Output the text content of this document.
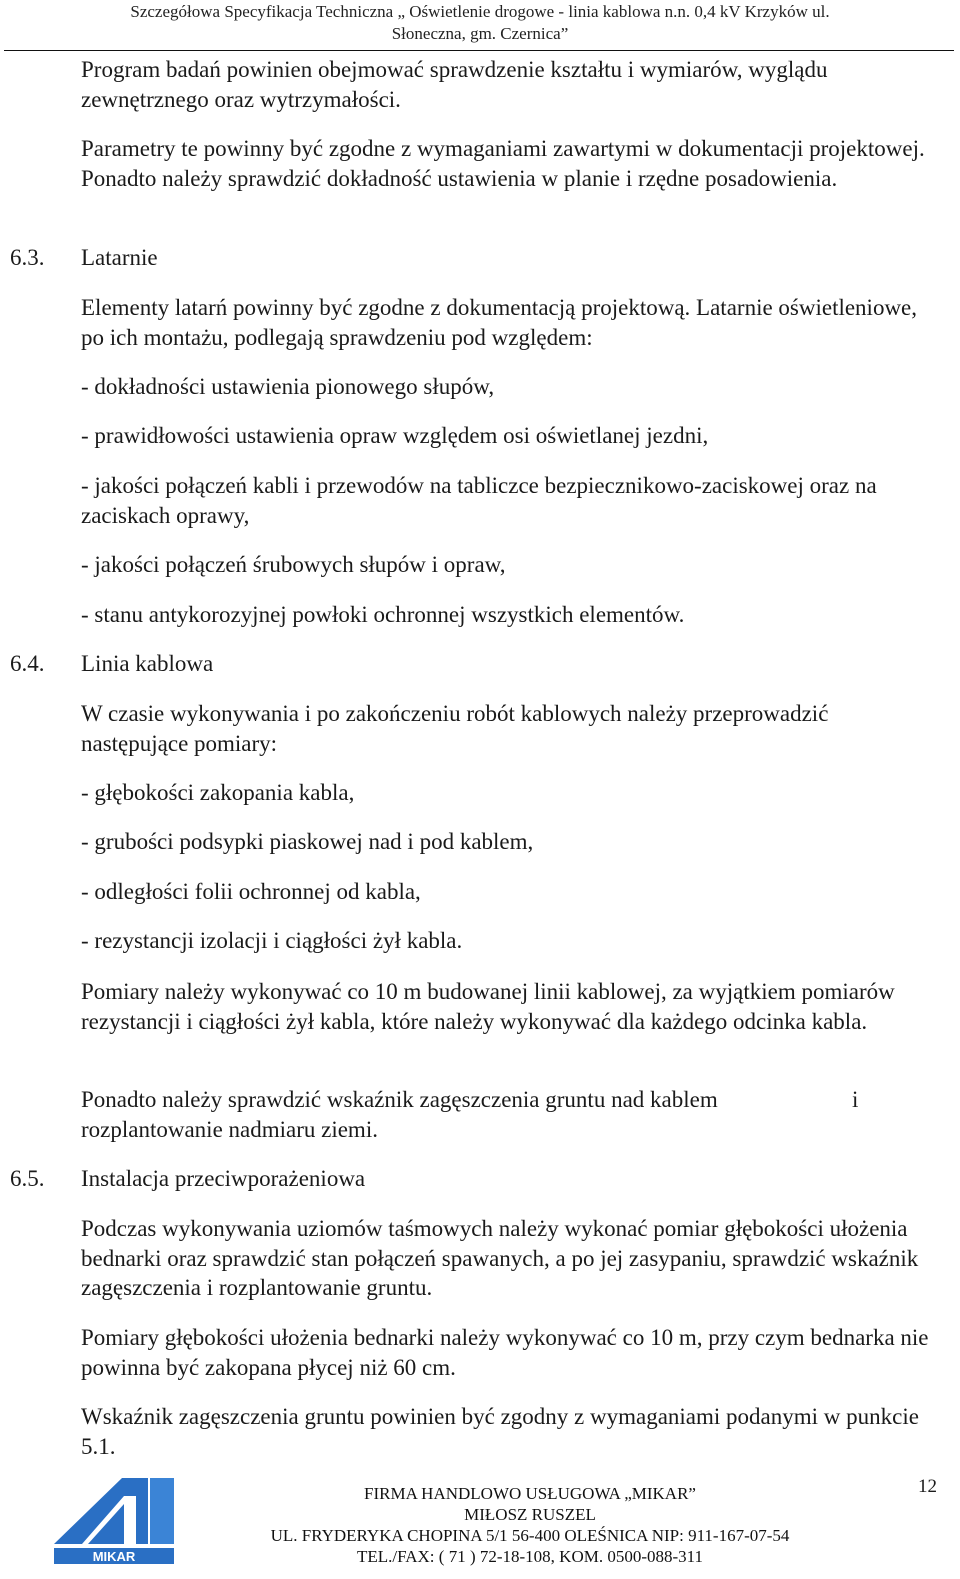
Szczegółowa Specyfikacja Techniczna „ Oświetlenie drogowe - linia kablowa n.n. 0,4 kV Krzyków ul.
Słoneczna, gm. Czernica”

Program badań powinien obejmować sprawdzenie kształtu i wymiarów, wyglądu zewnętrznego oraz wytrzymałości.

Parametry te powinny być zgodne z wymaganiami zawartymi w dokumentacji projektowej. Ponadto należy sprawdzić dokładność ustawienia w planie i rzędne posadowienia.

6.3. Latarnie

Elementy latarń powinny być zgodne z dokumentacją projektową. Latarnie oświetleniowe, po ich montażu, podlegają sprawdzeniu pod względem:

- dokładności ustawienia pionowego słupów,

- prawidłowości ustawienia opraw względem osi oświetlanej jezdni,

- jakości połączeń kabli i przewodów na tabliczce bezpiecznikowo-zaciskowej oraz na zaciskach oprawy,

- jakości połączeń śrubowych słupów i opraw,

- stanu antykorozyjnej powłoki ochronnej wszystkich elementów.

6.4. Linia kablowa

W czasie wykonywania i po zakończeniu robót kablowych należy przeprowadzić następujące pomiary:

- głębokości zakopania kabla,

- grubości podsypki piaskowej nad i pod kablem,

- odległości folii ochronnej od kabla,

- rezystancji izolacji i ciągłości żył kabla.

Pomiary należy wykonywać co 10 m budowanej linii kablowej, za wyjątkiem pomiarów rezystancji i ciągłości żył kabla, które należy wykonywać dla każdego odcinka kabla.

Ponadto należy sprawdzić wskaźnik zagęszczenia gruntu nad kablem	i

rozplantowanie nadmiaru ziemi.

6.5. Instalacja przeciwporażeniowa

Podczas wykonywania uziomów taśmowych należy wykonać pomiar głębokości ułożenia bednarki oraz sprawdzić stan połączeń spawanych, a po jej zasypaniu, sprawdzić wskaźnik zagęszczenia i rozplantowanie gruntu.

Pomiary głębokości ułożenia bednarki należy wykonywać co 10 m, przy czym bednarka nie powinna być zakopana płycej niż 60 cm.

Wskaźnik zagęszczenia gruntu powinien być zgodny z wymaganiami podanymi w punkcie 5.1.

MIKAR
FIRMA HANDLOWO USŁUGOWA „MIKAR”
MIŁOSZ RUSZEL
UL. FRYDERYKA CHOPINA 5/1 56-400 OLEŚNICA NIP: 911-167-07-54
TEL./FAX: ( 71 ) 72-18-108, KOM. 0500-088-311
12
